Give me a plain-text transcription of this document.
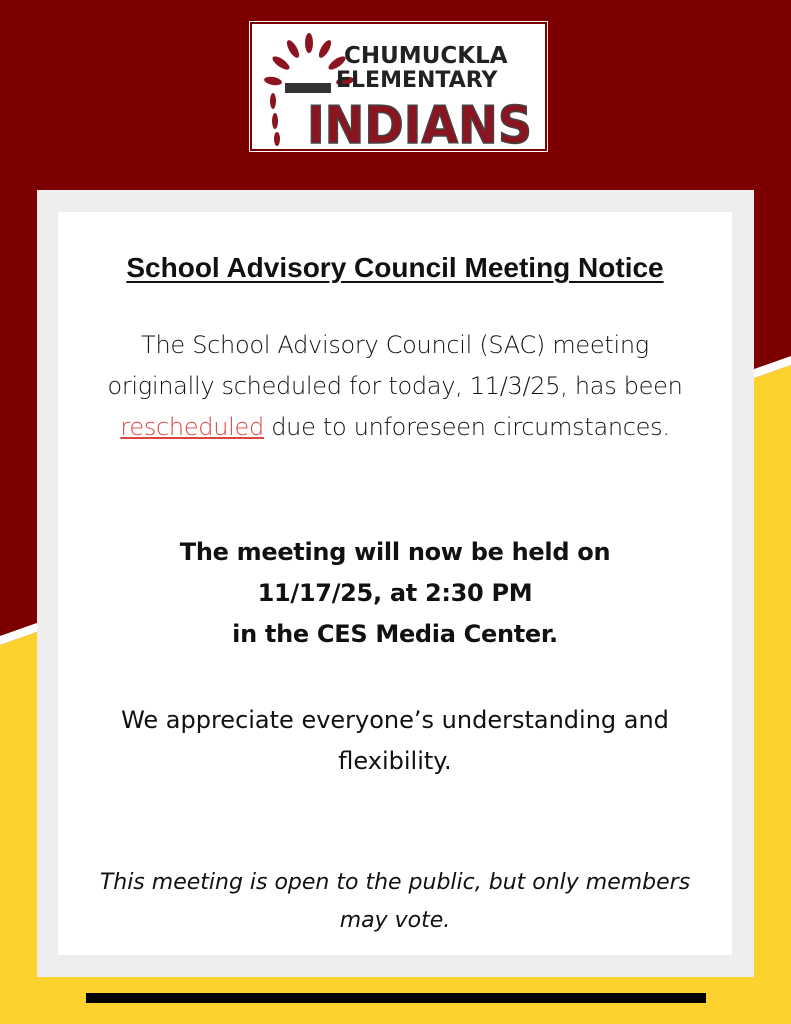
CHUMUCKLA
ELEMENTARY
INDIANS
School Advisory Council Meeting Notice
The School Advisory Council (SAC) meeting originally scheduled for today, 11/3/25, has been rescheduled due to unforeseen circumstances.
The meeting will now be held on
11/17/25, at 2:30 PM
in the CES Media Center.
We appreciate everyone’s understanding and flexibility.
This meeting is open to the public, but only members may vote.
